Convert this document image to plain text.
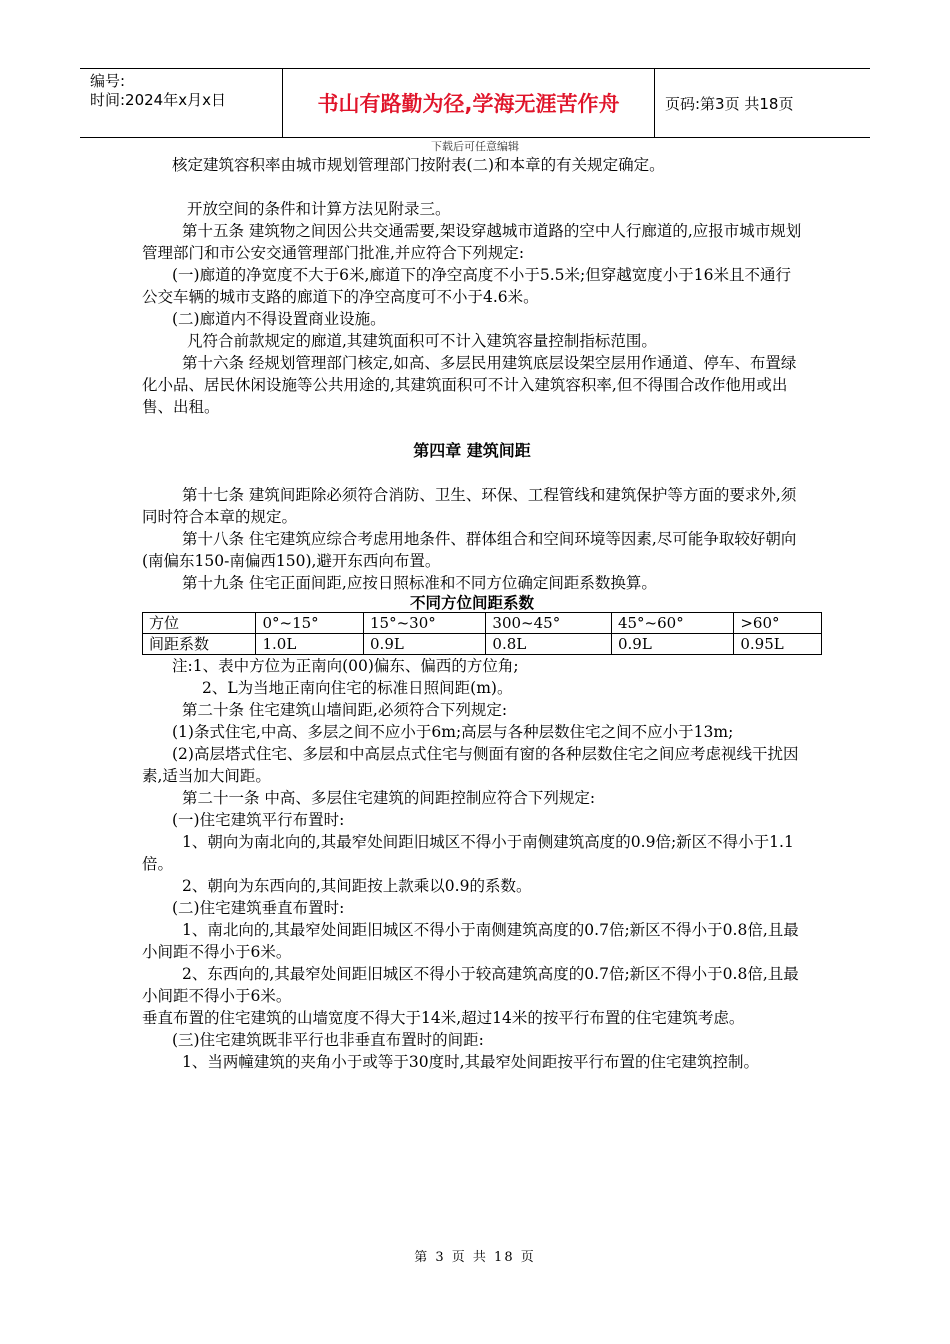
编号:
时间:2024年x月x日	书山有路勤为径,学海无涯苦作舟	页码:第3页 共18页
下载后可任意编辑

核定建筑容积率由城市规划管理部门按附表(二)和本章的有关规定确定。

开放空间的条件和计算方法见附录三。

第十五条 建筑物之间因公共交通需要,架设穿越城市道路的空中人行廊道的,应报市城市规划管理部门和市公安交通管理部门批准,并应符合下列规定:

(一)廊道的净宽度不大于6米,廊道下的净空高度不小于5.5米;但穿越宽度小于16米且不通行公交车辆的城市支路的廊道下的净空高度可不小于4.6米。

(二)廊道内不得设置商业设施。

凡符合前款规定的廊道,其建筑面积可不计入建筑容量控制指标范围。

第十六条 经规划管理部门核定,如高、多层民用建筑底层设架空层用作通道、停车、布置绿化小品、居民休闲设施等公共用途的,其建筑面积可不计入建筑容积率,但不得围合改作他用或出售、出租。

第四章 建筑间距

第十七条 建筑间距除必须符合消防、卫生、环保、工程管线和建筑保护等方面的要求外,须同时符合本章的规定。

第十八条 住宅建筑应综合考虑用地条件、群体组合和空间环境等因素,尽可能争取较好朝向(南偏东150-南偏西150),避开东西向布置。

第十九条 住宅正面间距,应按日照标准和不同方位确定间距系数换算。

不同方位间距系数

方位	0°~15°	15°~30°	300~45°	45°~60°	>60°
间距系数	1.0L	0.9L	0.8L	0.9L	0.95L

注:1、表中方位为正南向(00)偏东、偏西的方位角;

2、L为当地正南向住宅的标准日照间距(m)。

第二十条 住宅建筑山墙间距,必须符合下列规定:

(1)条式住宅,中高、多层之间不应小于6m;高层与各种层数住宅之间不应小于13m;

(2)高层塔式住宅、多层和中高层点式住宅与侧面有窗的各种层数住宅之间应考虑视线干扰因素,适当加大间距。

第二十一条 中高、多层住宅建筑的间距控制应符合下列规定:

(一)住宅建筑平行布置时:

1、朝向为南北向的,其最窄处间距旧城区不得小于南侧建筑高度的0.9倍;新区不得小于1.1倍。

2、朝向为东西向的,其间距按上款乘以0.9的系数。

(二)住宅建筑垂直布置时:

1、南北向的,其最窄处间距旧城区不得小于南侧建筑高度的0.7倍;新区不得小于0.8倍,且最小间距不得小于6米。

2、东西向的,其最窄处间距旧城区不得小于较高建筑高度的0.7倍;新区不得小于0.8倍,且最小间距不得小于6米。

垂直布置的住宅建筑的山墙宽度不得大于14米,超过14米的按平行布置的住宅建筑考虑。

(三)住宅建筑既非平行也非垂直布置时的间距:

1、当两幢建筑的夹角小于或等于30度时,其最窄处间距按平行布置的住宅建筑控制。

第 3 页 共 18 页
